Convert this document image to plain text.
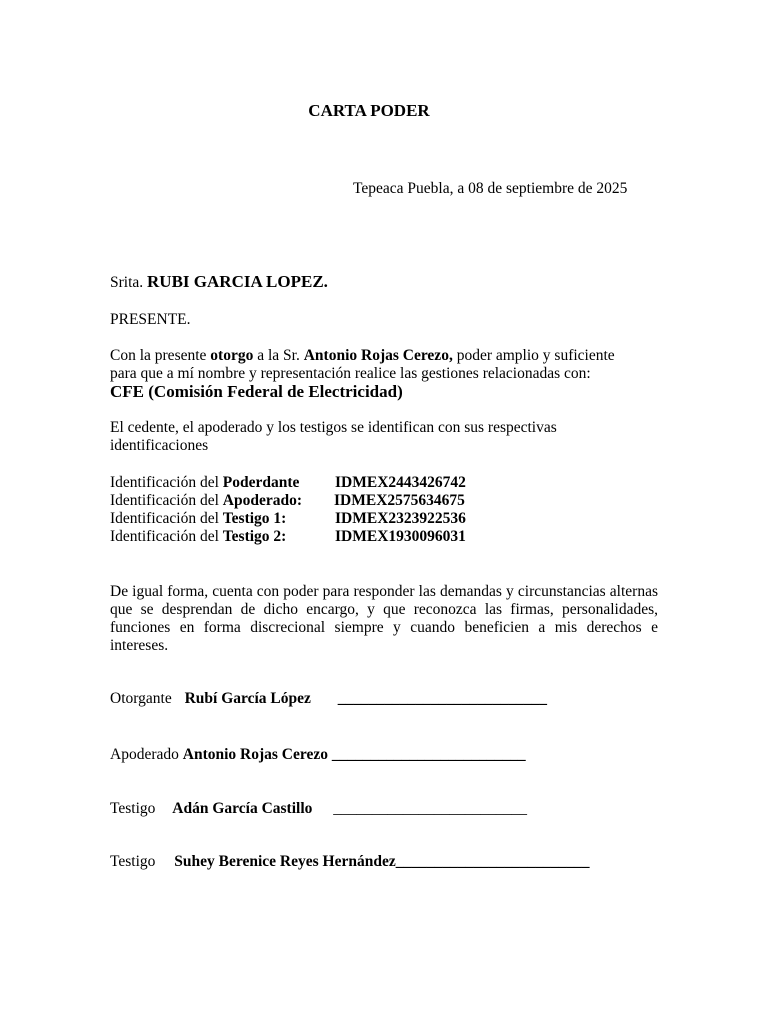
CARTA PODER
Tepeaca Puebla, a 08 de septiembre de 2025
Srita. RUBI GARCIA LOPEZ.
PRESENTE.
Con la presente otorgo a la Sr. Antonio Rojas Cerezo, poder amplio y suficiente
para que a mí nombre y representación realice las gestiones relacionadas con:
CFE (Comisión Federal de Electricidad)
El cedente, el apoderado y los testigos se identifican con sus respectivas identificaciones
Identificación del Poderdante IDMEX2443426742
Identificación del Apoderado: IDMEX2575634675
Identificación del Testigo 1:	IDMEX2323922536
Identificación del Testigo 2:	IDMEX1930096031
De igual forma, cuenta con poder para responder las demandas y circunstancias alternas que se desprendan de dicho encargo, y que reconozca las firmas, personalidades, funciones en forma discrecional siempre y cuando beneficien a mis derechos e intereses.
Otorgante Rubí García López ___________________________
Apoderado Antonio Rojas Cerezo _________________________
Testigo Adán García Castillo _________________________
Testigo Suhey Berenice Reyes Hernández_________________________
